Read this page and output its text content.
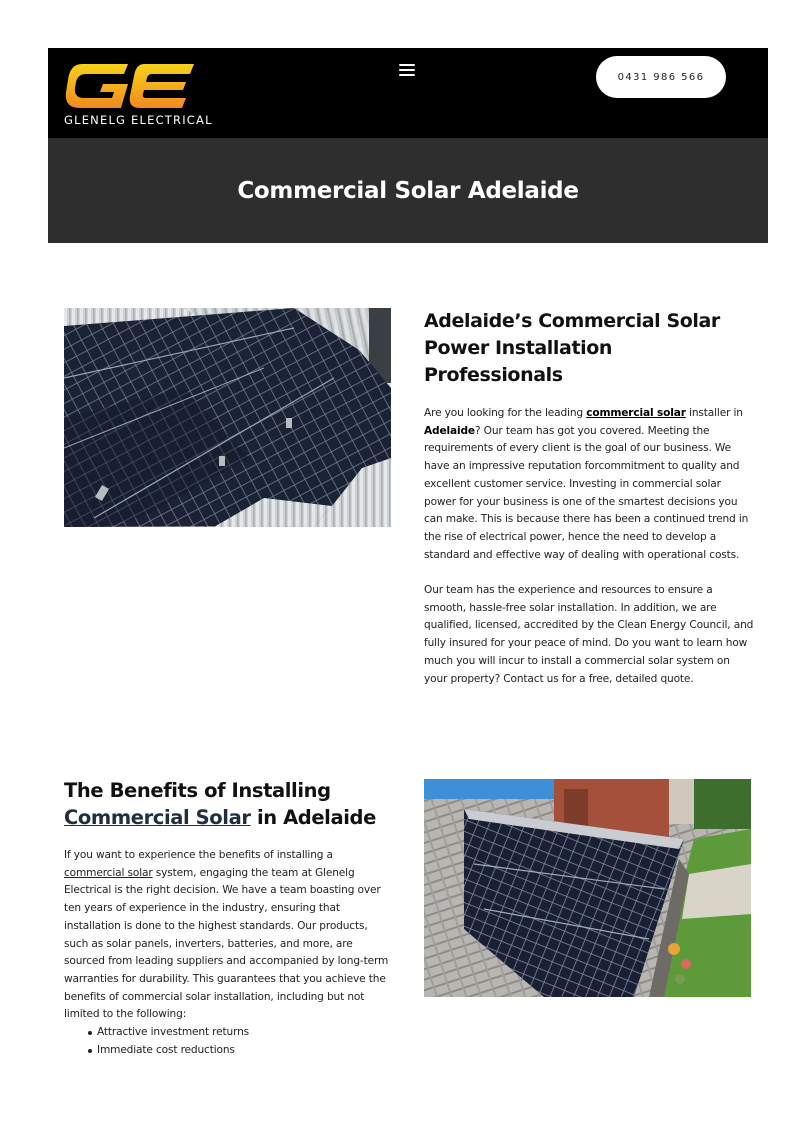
GLENELG ELECTRICAL
0431 986 566
Commercial Solar Adelaide
Adelaide’s Commercial Solar Power Installation Professionals

Are you looking for the leading commercial solar installer in Adelaide? Our team has got you covered. Meeting the requirements of every client is the goal of our business. We have an impressive reputation forcommitment to quality and excellent customer service. Investing in commercial solar power for your business is one of the smartest decisions you can make. This is because there has been a continued trend in the rise of electrical power, hence the need to develop a standard and effective way of dealing with operational costs.

Our team has the experience and resources to ensure a smooth, hassle-free solar installation. In addition, we are qualified, licensed, accredited by the Clean Energy Council, and fully insured for your peace of mind. Do you want to learn how much you will incur to install a commercial solar system on your property? Contact us for a free, detailed quote.

The Benefits of Installing Commercial Solar in Adelaide

If you want to experience the benefits of installing a commercial solar system, engaging the team at Glenelg Electrical is the right decision. We have a team boasting over ten years of experience in the industry, ensuring that installation is done to the highest standards. Our products, such as solar panels, inverters, batteries, and more, are sourced from leading suppliers and accompanied by long-term warranties for durability. This guarantees that you achieve the benefits of commercial solar installation, including but not limited to the following:

Attractive investment returns
Immediate cost reductions
